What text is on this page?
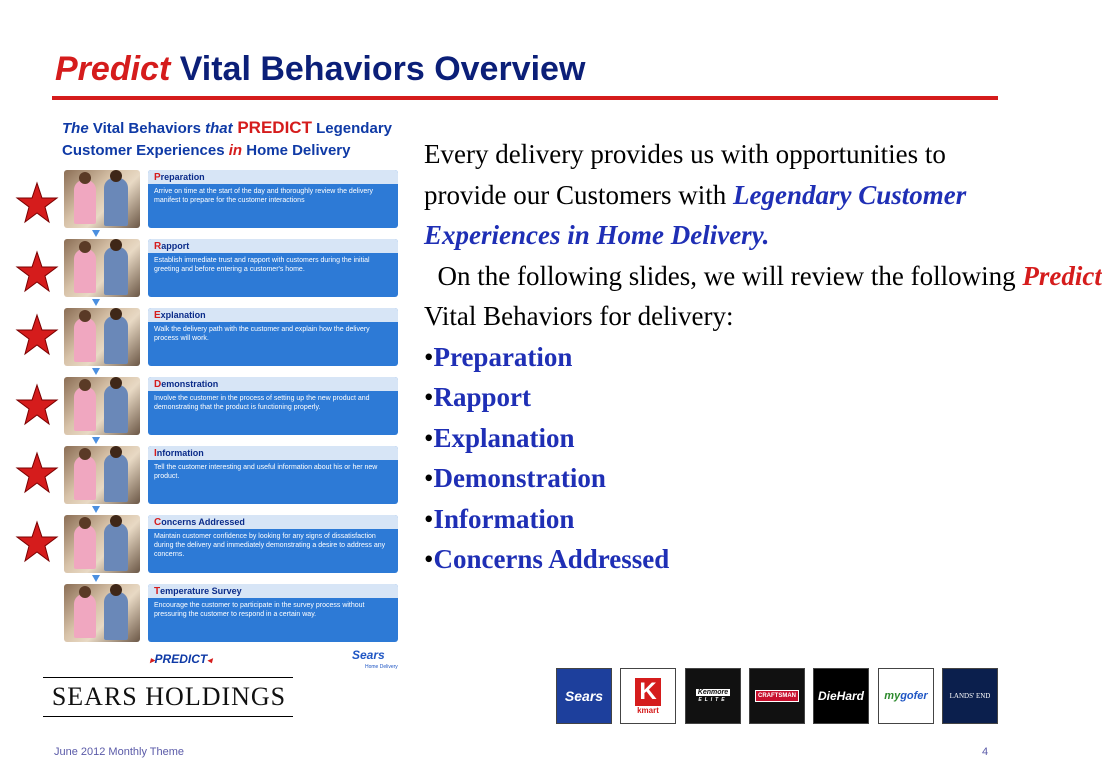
Predict Vital Behaviors Overview
The Vital Behaviors that PREDICT Legendary
Customer Experiences in Home Delivery
Preparation
Arrive on time at the start of the day and thoroughly review the delivery manifest to prepare for the customer interactions
Rapport
Establish immediate trust and rapport with customers during the initial greeting and before entering a customer's home.
Explanation
Walk the delivery path with the customer and explain how the delivery process will work.
Demonstration
Involve the customer in the process of setting up the new product and demonstrating that the product is functioning properly.
Information
Tell the customer interesting and useful information about his or her new product.
Concerns Addressed
Maintain customer confidence by looking for any signs of dissatisfaction during the delivery and immediately demonstrating a desire to address any concerns.
Temperature Survey
Encourage the customer to participate in the survey process without pressuring the customer to respond in a certain way.
▸PREDICT◂	Sears
Home Delivery
Every delivery provides us with opportunities to provide our Customers with Legendary Customer Experiences in Home Delivery.  On the following slides, we will review the following Predict Vital Behaviors for delivery:
•Preparation
•Rapport
•Explanation
•Demonstration
•Information
•Concerns Addressed
SEARS HOLDINGS	Sears	K
kmart
Kenmore
ELITE
CRAFTSMAN	DieHard	my gofer	LANDS' END
June 2012 Monthly Theme	4
